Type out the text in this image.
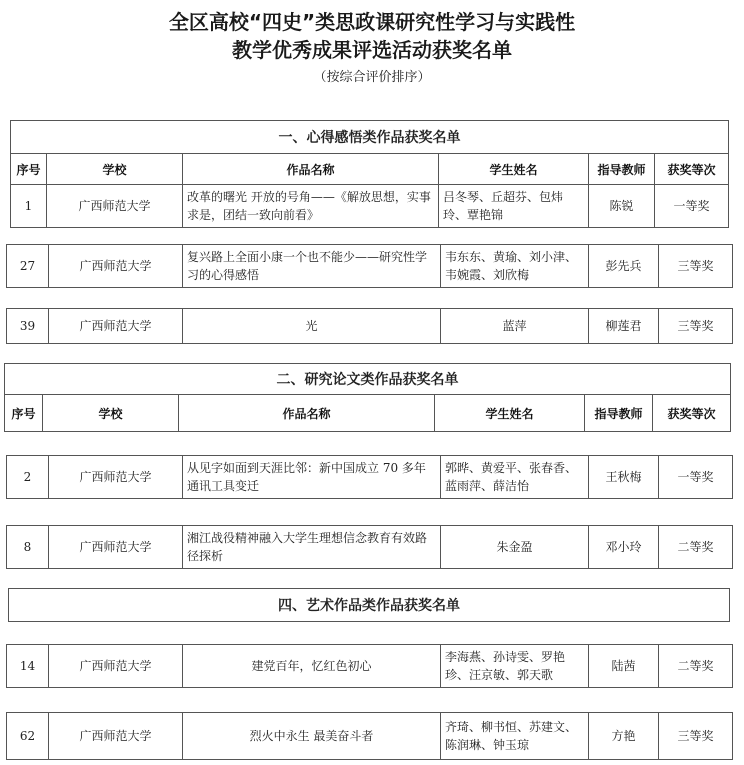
全区高校“四史”类思政课研究性学习与实践性
教学优秀成果评选活动获奖名单
（按综合评价排序）
一、心得感悟类作品获奖名单					
序号	学校	作品名称	学生姓名	指导教师	获奖等次
1	广西师范大学	改革的曙光 开放的号角——《解放思想，实事求是，团结一致向前看》	吕冬琴、丘超芬、包炜玲、覃艳锦	陈锐	一等奖
27	广西师范大学	复兴路上全面小康一个也不能少——研究性学习的心得感悟	韦东东、黄瑜、刘小津、韦婉霞、刘欣梅	彭先兵	三等奖
39	广西师范大学	光	蓝萍	柳莲君	三等奖
二、研究论文类作品获奖名单
序号	学校	作品名称	学生姓名	指导教师	获奖等次
2	广西师范大学	从见字如面到天涯比邻：新中国成立 70 多年通讯工具变迁	郭晔、黄爱平、张春香、蓝雨萍、薛洁怡	王秋梅	一等奖
8	广西师范大学	湘江战役精神融入大学生理想信念教育有效路径探析	朱金盈	邓小玲	二等奖
四、艺术作品类作品获奖名单
14	广西师范大学	建党百年，忆红色初心	李海燕、孙诗雯、罗艳珍、汪京敏、郭天歌	陆茜	二等奖
62	广西师范大学	烈火中永生 最美奋斗者	齐琦、柳书恒、苏建文、陈润琳、钟玉琼	方艳	三等奖
